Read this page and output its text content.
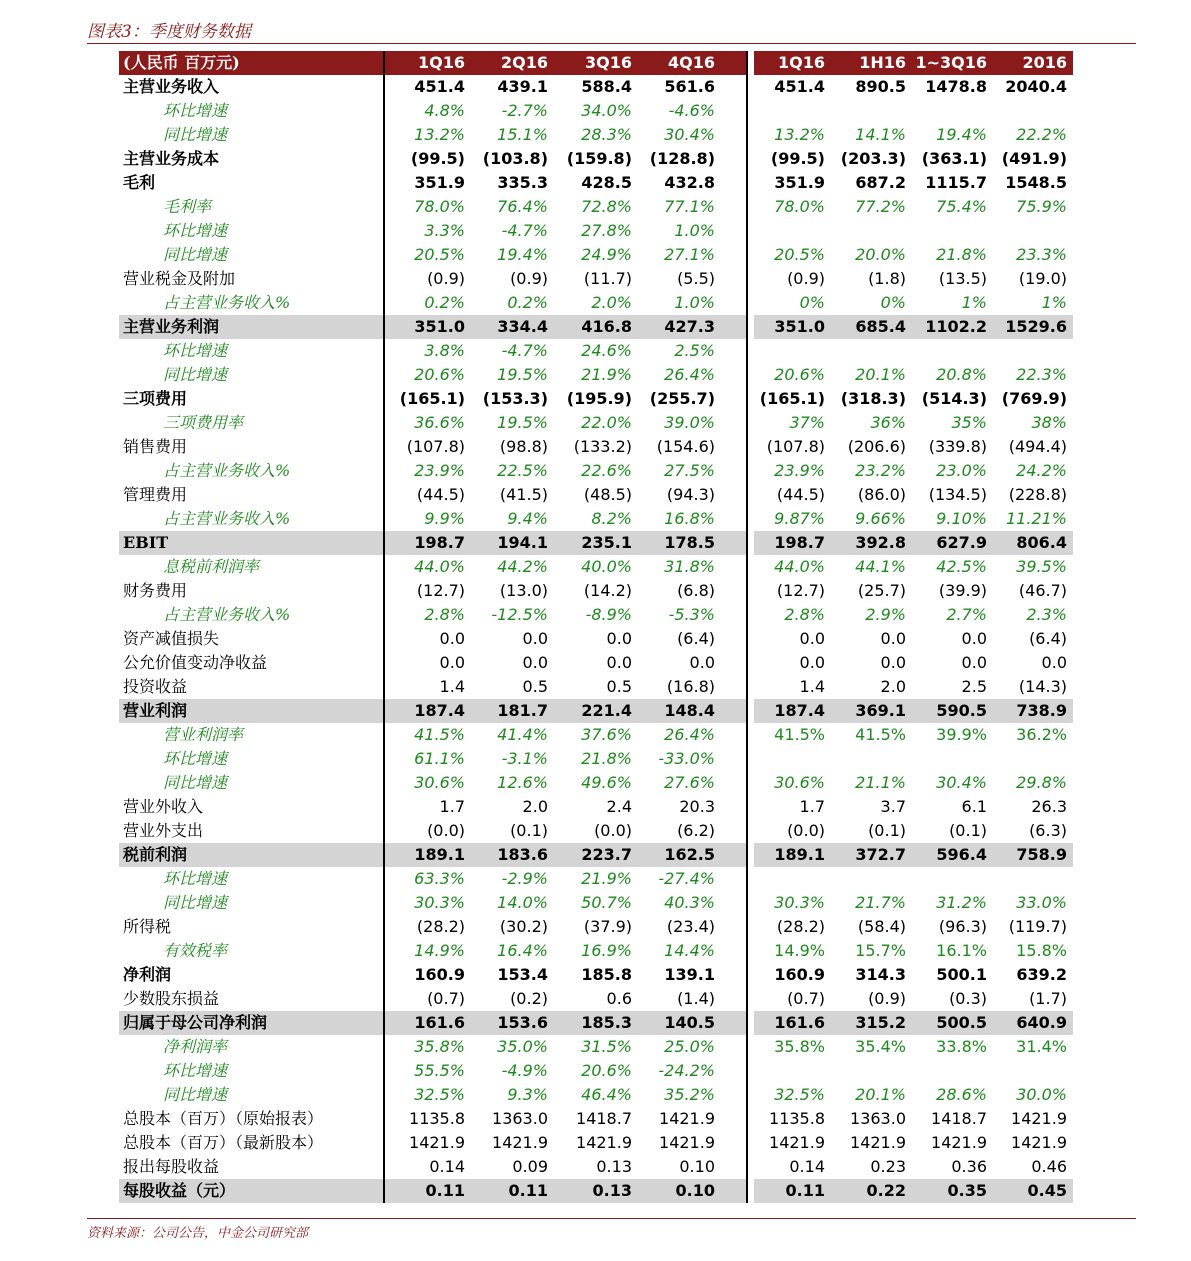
图表3：季度财务数据
(人民币 百万元)	1Q16	2Q16	3Q16	4Q16	1Q16	1H16 1~3Q16	2016
主营业务收入	451.4	439.1	588.4	561.6	451.4	890.5	1478.8	2040.4
环比增速	4.8%	-2.7%	34.0%	-4.6%
同比增速	13.2%	15.1%	28.3%	30.4%	13.2%	14.1%	19.4%	22.2%
主营业务成本	(99.5)	(103.8)	(159.8)	(128.8)	(99.5) (203.3) (363.1) (491.9)
毛利	351.9	335.3	428.5	432.8	351.9	687.2	1115.7	1548.5
毛利率	78.0%	76.4%	72.8%	77.1%	78.0%	77.2%	75.4%	75.9%
环比增速	3.3%	-4.7%	27.8%	1.0%
同比增速	20.5%	19.4%	24.9%	27.1%	20.5%	20.0%	21.8%	23.3%
营业税金及附加	(0.9)	(0.9)	(11.7)	(5.5)	(0.9)	(1.8)	(13.5)	(19.0)
占主营业务收入%	0.2%	0.2%	2.0%	1.0%	0%	0%	1%	1%
主营业务利润	351.0	334.4	416.8	427.3	351.0	685.4	1102.2	1529.6
环比增速	3.8%	-4.7%	24.6%	2.5%
同比增速	20.6%	19.5%	21.9%	26.4%	20.6%	20.1%	20.8%	22.3%
三项费用	(165.1)	(153.3)	(195.9)	(255.7)	(165.1) (318.3) (514.3) (769.9)
三项费用率	36.6%	19.5%	22.0%	39.0%	37%	36%	35%	38%
销售费用	(107.8)	(98.8)	(133.2)	(154.6)	(107.8)	(206.6)	(339.8)	(494.4)
占主营业务收入%	23.9%	22.5%	22.6%	27.5%	23.9%	23.2%	23.0%	24.2%
管理费用	(44.5)	(41.5)	(48.5)	(94.3)	(44.5)	(86.0)	(134.5)	(228.8)
占主营业务收入%	9.9%	9.4%	8.2%	16.8%	9.87%	9.66%	9.10%	11.21%
EBIT	198.7	194.1	235.1	178.5	198.7	392.8	627.9	806.4
息税前利润率	44.0%	44.2%	40.0%	31.8%	44.0%	44.1%	42.5%	39.5%
财务费用	(12.7)	(13.0)	(14.2)	(6.8)	(12.7)	(25.7)	(39.9)	(46.7)
占主营业务收入%	2.8%	-12.5%	-8.9%	-5.3%	2.8%	2.9%	2.7%	2.3%
资产减值损失	0.0	0.0	0.0	(6.4)	0.0	0.0	0.0	(6.4)
公允价值变动净收益	0.0	0.0	0.0	0.0	0.0	0.0	0.0	0.0
投资收益	1.4	0.5	0.5	(16.8)	1.4	2.0	2.5	(14.3)
营业利润	187.4	181.7	221.4	148.4	187.4	369.1	590.5	738.9
营业利润率	41.5%	41.4%	37.6%	26.4%	41.5%	41.5%	39.9%	36.2%
环比增速	61.1%	-3.1%	21.8%	-33.0%
同比增速	30.6%	12.6%	49.6%	27.6%	30.6%	21.1%	30.4%	29.8%
营业外收入	1.7	2.0	2.4	20.3	1.7	3.7	6.1	26.3
营业外支出	(0.0)	(0.1)	(0.0)	(6.2)	(0.0)	(0.1)	(0.1)	(6.3)
税前利润	189.1	183.6	223.7	162.5	189.1	372.7	596.4	758.9
环比增速	63.3%	-2.9%	21.9%	-27.4%
同比增速	30.3%	14.0%	50.7%	40.3%	30.3%	21.7%	31.2%	33.0%
所得税	(28.2)	(30.2)	(37.9)	(23.4)	(28.2)	(58.4)	(96.3)	(119.7)
有效税率	14.9%	16.4%	16.9%	14.4%	14.9%	15.7%	16.1%	15.8%
净利润	160.9	153.4	185.8	139.1	160.9	314.3	500.1	639.2
少数股东损益	(0.7)	(0.2)	0.6	(1.4)	(0.7)	(0.9)	(0.3)	(1.7)
归属于母公司净利润	161.6	153.6	185.3	140.5	161.6	315.2	500.5	640.9
净利润率	35.8%	35.0%	31.5%	25.0%	35.8%	35.4%	33.8%	31.4%
环比增速	55.5%	-4.9%	20.6%	-24.2%
同比增速	32.5%	9.3%	46.4%	35.2%	32.5%	20.1%	28.6%	30.0%
总股本（百万）（原始报表）	1135.8	1363.0	1418.7	1421.9	1135.8	1363.0	1418.7	1421.9
总股本（百万）（最新股本）	1421.9	1421.9	1421.9	1421.9	1421.9	1421.9	1421.9	1421.9
报出每股收益	0.14	0.09	0.13	0.10	0.14	0.23	0.36	0.46
每股收益（元）	0.11	0.11	0.13	0.10	0.11	0.22	0.35	0.45
资料来源：公司公告，中金公司研究部
